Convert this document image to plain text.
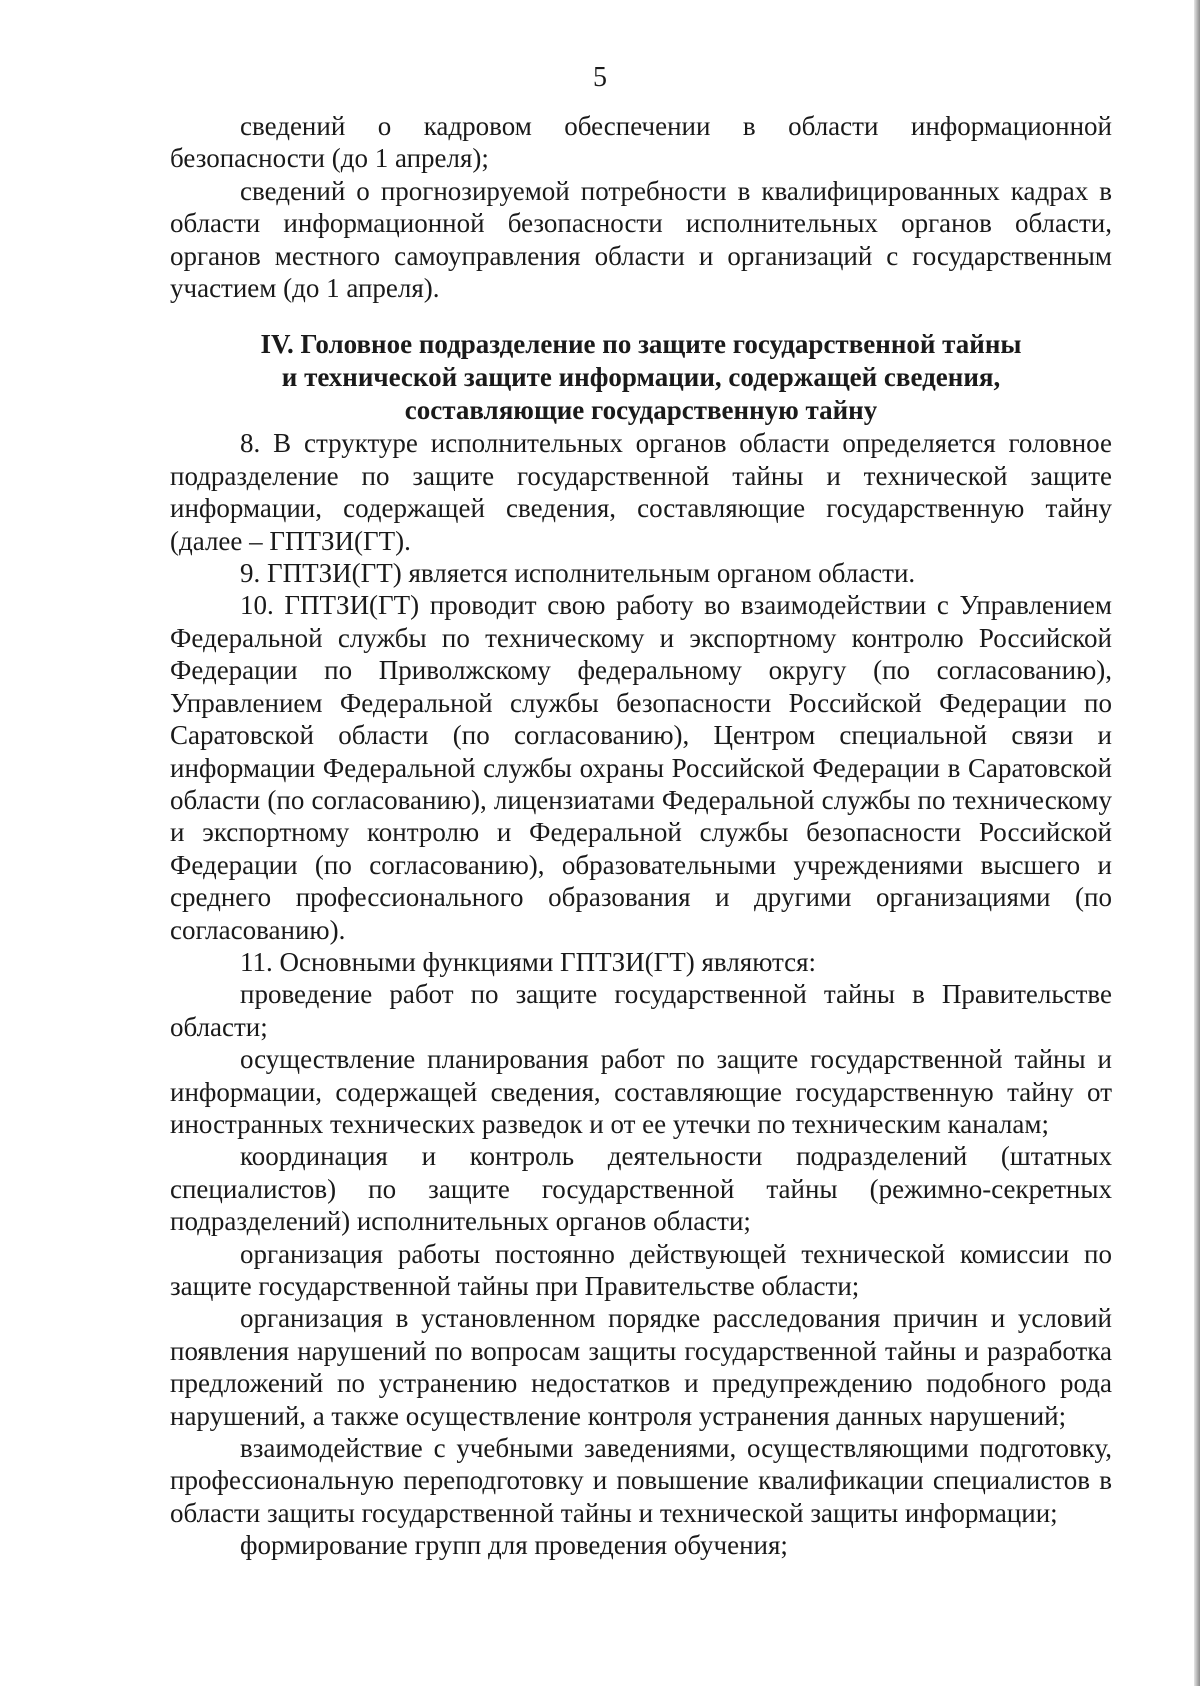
5

сведений о кадровом обеспечении в области информационной безопасности (до 1 апреля);

сведений о прогнозируемой потребности в квалифицированных кадрах в области информационной безопасности исполнительных органов области, органов местного самоуправления области и организаций с государственным участием (до 1 апреля).

IV. Головное подразделение по защите государственной тайны
и технической защите информации, содержащей сведения,
составляющие государственную тайну

8. В структуре исполнительных органов области определяется головное подразделение по защите государственной тайны и технической защите информации, содержащей сведения, составляющие государственную тайну (далее – ГПТЗИ(ГТ).

9. ГПТЗИ(ГТ) является исполнительным органом области.

10. ГПТЗИ(ГТ) проводит свою работу во взаимодействии с Управлением Федеральной службы по техническому и экспортному контролю Российской Федерации по Приволжскому федеральному округу (по согласованию), Управлением Федеральной службы безопасности Российской Федерации по Саратовской области (по согласованию), Центром специальной связи и информации Федеральной службы охраны Российской Федерации в Саратовской области (по согласованию), лицензиатами Федеральной службы по техническому и экспортному контролю и Федеральной службы безопасности Российской Федерации (по согласованию), образовательными учреждениями высшего и среднего профессионального образования и другими организациями (по согласованию).

11. Основными функциями ГПТЗИ(ГТ) являются:

проведение работ по защите государственной тайны в Правительстве области;

осуществление планирования работ по защите государственной тайны и информации, содержащей сведения, составляющие государственную тайну от иностранных технических разведок и от ее утечки по техническим каналам;

координация и контроль деятельности подразделений (штатных специалистов) по защите государственной тайны (режимно-секретных подразделений) исполнительных органов области;

организация работы постоянно действующей технической комиссии по защите государственной тайны при Правительстве области;

организация в установленном порядке расследования причин и условий появления нарушений по вопросам защиты государственной тайны и разработка предложений по устранению недостатков и предупреждению подобного рода нарушений, а также осуществление контроля устранения данных нарушений;

взаимодействие с учебными заведениями, осуществляющими подготовку, профессиональную переподготовку и повышение квалификации специалистов в области защиты государственной тайны и технической защиты информации;

формирование групп для проведения обучения;
